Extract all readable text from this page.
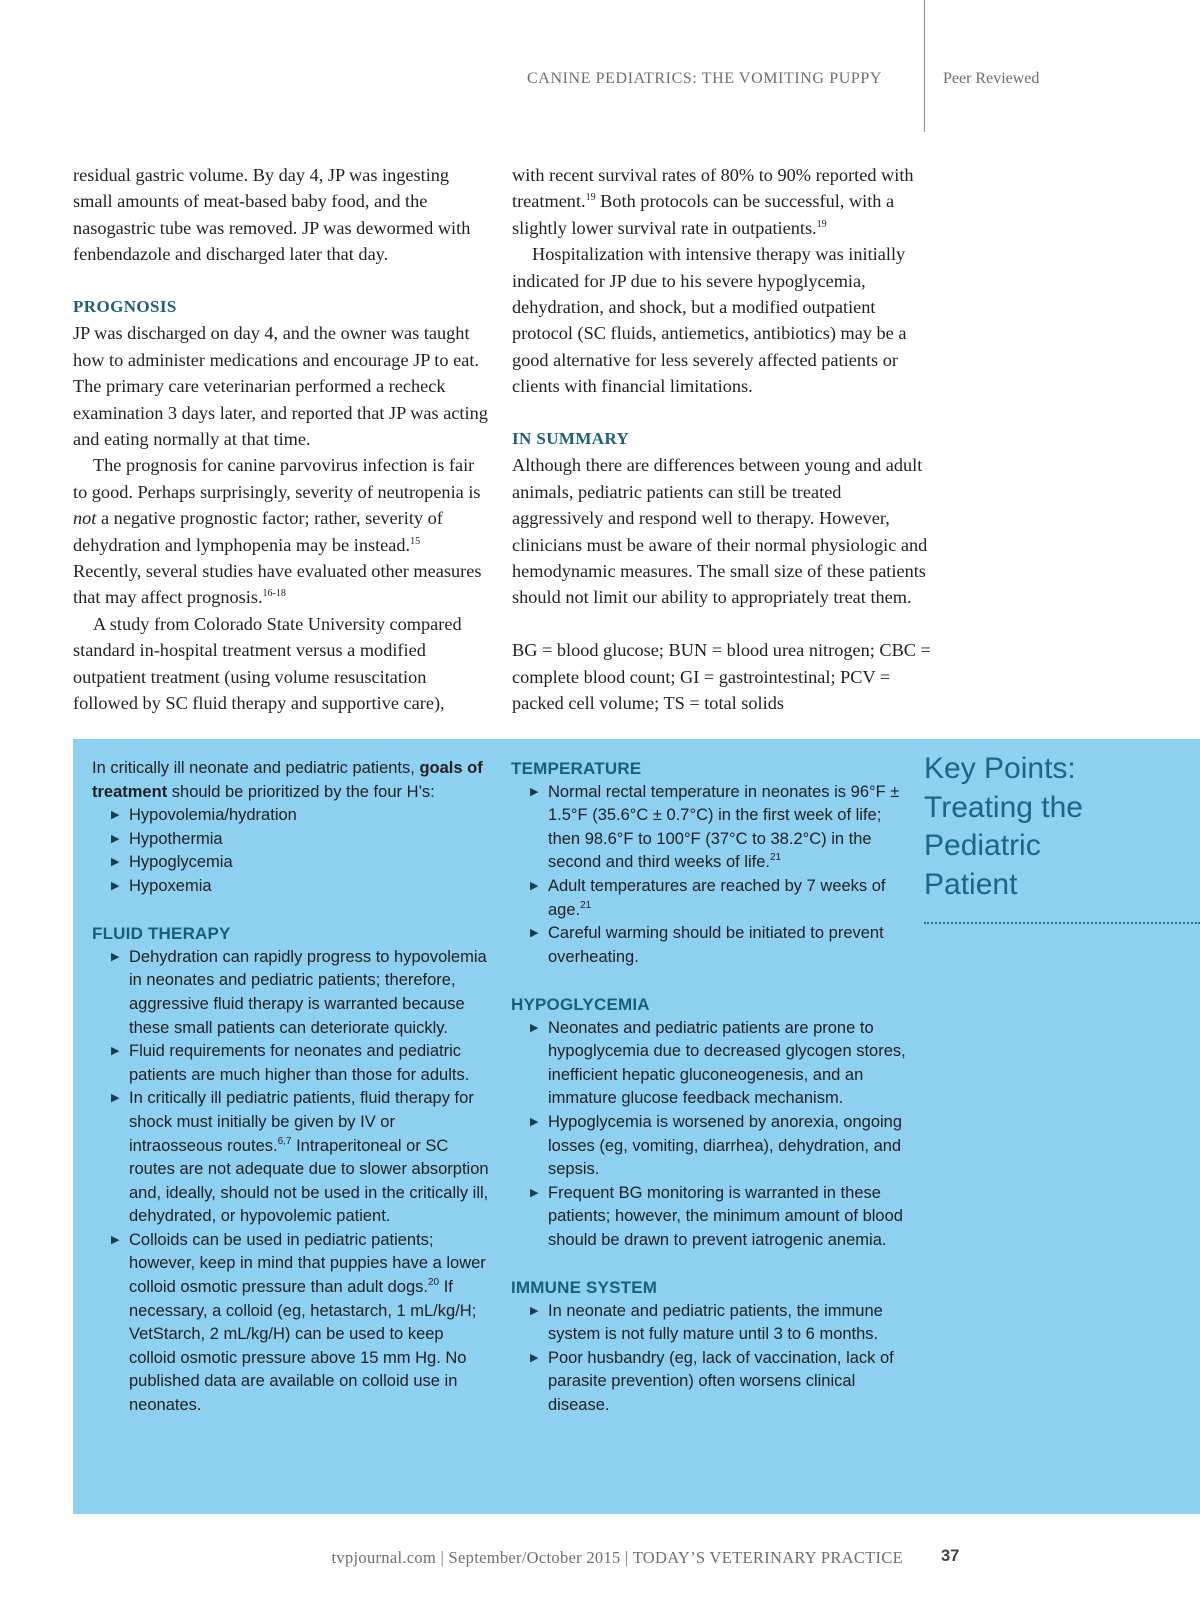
CANINE PEDIATRICS: THE VOMITING PUPPY	Peer Reviewed

residual gastric volume. By day 4, JP was ingesting small amounts of meat-based baby food, and the nasogastric tube was removed. JP was dewormed with fenbendazole and discharged later that day.

PROGNOSIS

JP was discharged on day 4, and the owner was taught how to administer medications and encourage JP to eat. The primary care veterinarian performed a recheck examination 3 days later, and reported that JP was acting and eating normally at that time.

The prognosis for canine parvovirus infection is fair to good. Perhaps surprisingly, severity of neutropenia is not a negative prognostic factor; rather, severity of dehydration and lymphopenia may be instead.$^{15}$ Recently, several studies have evaluated other measures that may affect prognosis.$^{16-18}$

A study from Colorado State University compared standard in-hospital treatment versus a modified outpatient treatment (using volume resuscitation followed by SC fluid therapy and supportive care),

with recent survival rates of 80% to 90% reported with treatment.$^{19}$ Both protocols can be successful, with a slightly lower survival rate in outpatients.$^{19}$

Hospitalization with intensive therapy was initially indicated for JP due to his severe hypoglycemia, dehydration, and shock, but a modified outpatient protocol (SC fluids, antiemetics, antibiotics) may be a good alternative for less severely affected patients or clients with financial limitations.

IN SUMMARY

Although there are differences between young and adult animals, pediatric patients can still be treated aggressively and respond well to therapy. However, clinicians must be aware of their normal physiologic and hemodynamic measures. The small size of these patients should not limit our ability to appropriately treat them.

BG = blood glucose; BUN = blood urea nitrogen; CBC = complete blood count; GI = gastrointestinal; PCV = packed cell volume; TS = total solids

In critically ill neonate and pediatric patients, goals of treatment should be prioritized by the four H’s:

▶ Hypovolemia/hydration
▶ Hypothermia
▶ Hypoglycemia
▶ Hypoxemia
FLUID THERAPY
▶ Dehydration can rapidly progress to hypovolemia in neonates and pediatric patients; therefore, aggressive fluid therapy is warranted because these small patients can deteriorate quickly.
▶ Fluid requirements for neonates and pediatric patients are much higher than those for adults.
▶ In critically ill pediatric patients, fluid therapy for shock must initially be given by IV or intraosseous routes.$^{6,7}$ Intraperitoneal or SC routes are not adequate due to slower absorption and, ideally, should not be used in the critically ill, dehydrated, or hypovolemic patient.
▶ Colloids can be used in pediatric patients; however, keep in mind that puppies have a lower colloid osmotic pressure than adult dogs.$^{20}$ If necessary, a colloid (eg, hetastarch, 1 mL/kg/H; VetStarch, 2 mL/kg/H) can be used to keep colloid osmotic pressure above 15 mm Hg. No published data are available on colloid use in neonates.
TEMPERATURE
▶ Normal rectal temperature in neonates is 96°F ± 1.5°F (35.6°C ± 0.7°C) in the first week of life; then 98.6°F to 100°F (37°C to 38.2°C) in the second and third weeks of life.$^{21}$
▶ Adult temperatures are reached by 7 weeks of age.$^{21}$
▶ Careful warming should be initiated to prevent overheating.
HYPOGLYCEMIA
▶ Neonates and pediatric patients are prone to hypoglycemia due to decreased glycogen stores, inefficient hepatic gluconeogenesis, and an immature glucose feedback mechanism.
▶ Hypoglycemia is worsened by anorexia, ongoing losses (eg, vomiting, diarrhea), dehydration, and sepsis.
▶ Frequent BG monitoring is warranted in these patients; however, the minimum amount of blood should be drawn to prevent iatrogenic anemia.
IMMUNE SYSTEM
▶ In neonate and pediatric patients, the immune system is not fully mature until 3 to 6 months.
▶ Poor husbandry (eg, lack of vaccination, lack of parasite prevention) often worsens clinical disease.
Key Points:
Treating the
Pediatric
Patient
tvpjournal.com | September/October 2015 | TODAY’S VETERINARY PRACTICE 37
